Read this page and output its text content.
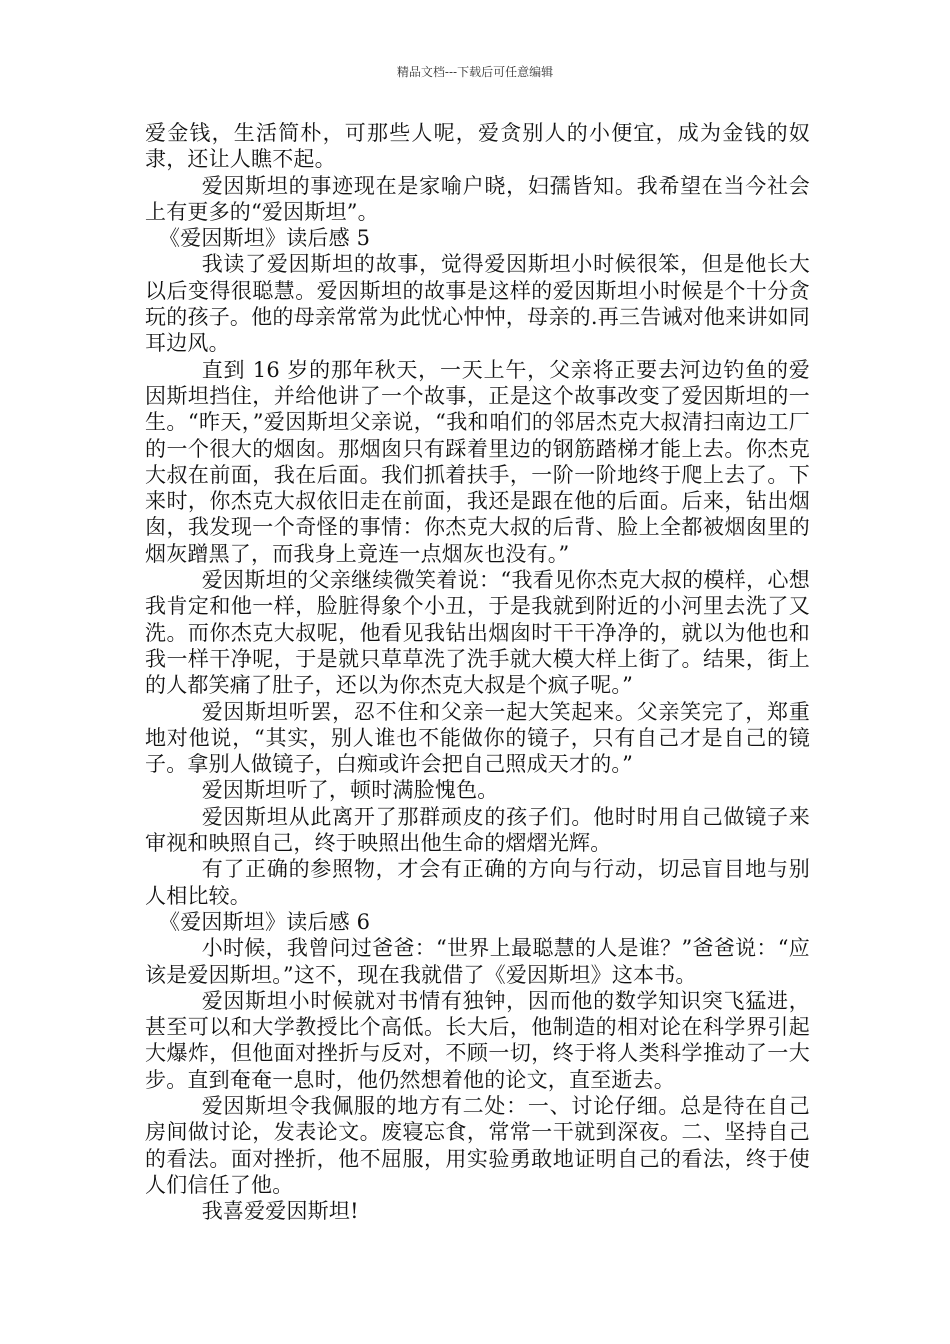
精品文档---下载后可任意编辑

爱金钱，生活简朴，可那些人呢，爱贪别人的小便宜，成为金钱的奴隶，还让人瞧不起。

爱因斯坦的事迹现在是家喻户晓，妇孺皆知。我希望在当今社会上有更多的“爱因斯坦”。

《爱因斯坦》读后感 5

我读了爱因斯坦的故事，觉得爱因斯坦小时候很笨，但是他长大以后变得很聪慧。爱因斯坦的故事是这样的爱因斯坦小时候是个十分贪玩的孩子。他的母亲常常为此忧心忡忡，母亲的.再三告诫对他来讲如同耳边风。

直到 16 岁的那年秋天，一天上午，父亲将正要去河边钓鱼的爱因斯坦挡住，并给他讲了一个故事，正是这个故事改变了爱因斯坦的一生。“昨天，”爱因斯坦父亲说，“我和咱们的邻居杰克大叔清扫南边工厂的一个很大的烟囱。那烟囱只有踩着里边的钢筋踏梯才能上去。你杰克大叔在前面，我在后面。我们抓着扶手，一阶一阶地终于爬上去了。下来时，你杰克大叔依旧走在前面，我还是跟在他的后面。后来，钻出烟囱，我发现一个奇怪的事情：你杰克大叔的后背、脸上全都被烟囱里的烟灰蹭黑了，而我身上竟连一点烟灰也没有。”

爱因斯坦的父亲继续微笑着说：“我看见你杰克大叔的模样，心想我肯定和他一样，脸脏得象个小丑，于是我就到附近的小河里去洗了又洗。而你杰克大叔呢，他看见我钻出烟囱时干干净净的，就以为他也和我一样干净呢，于是就只草草洗了洗手就大模大样上街了。结果，街上的人都笑痛了肚子，还以为你杰克大叔是个疯子呢。”

爱因斯坦听罢，忍不住和父亲一起大笑起来。父亲笑完了，郑重地对他说，“其实，别人谁也不能做你的镜子，只有自己才是自己的镜子。拿别人做镜子，白痴或许会把自己照成天才的。”

爱因斯坦听了，顿时满脸愧色。

爱因斯坦从此离开了那群顽皮的孩子们。他时时用自己做镜子来审视和映照自己，终于映照出他生命的熠熠光辉。

有了正确的参照物，才会有正确的方向与行动，切忌盲目地与别人相比较。

《爱因斯坦》读后感 6

小时候，我曾问过爸爸：“世界上最聪慧的人是谁？”爸爸说：“应该是爱因斯坦。”这不，现在我就借了《爱因斯坦》这本书。

爱因斯坦小时候就对书情有独钟，因而他的数学知识突飞猛进，甚至可以和大学教授比个高低。长大后，他制造的相对论在科学界引起大爆炸，但他面对挫折与反对，不顾一切，终于将人类科学推动了一大步。直到奄奄一息时，他仍然想着他的论文，直至逝去。

爱因斯坦令我佩服的地方有二处：一、讨论仔细。总是待在自己房间做讨论，发表论文。废寝忘食，常常一干就到深夜。二、坚持自己的看法。面对挫折，他不屈服，用实验勇敢地证明自己的看法，终于使人们信任了他。

我喜爱爱因斯坦!
